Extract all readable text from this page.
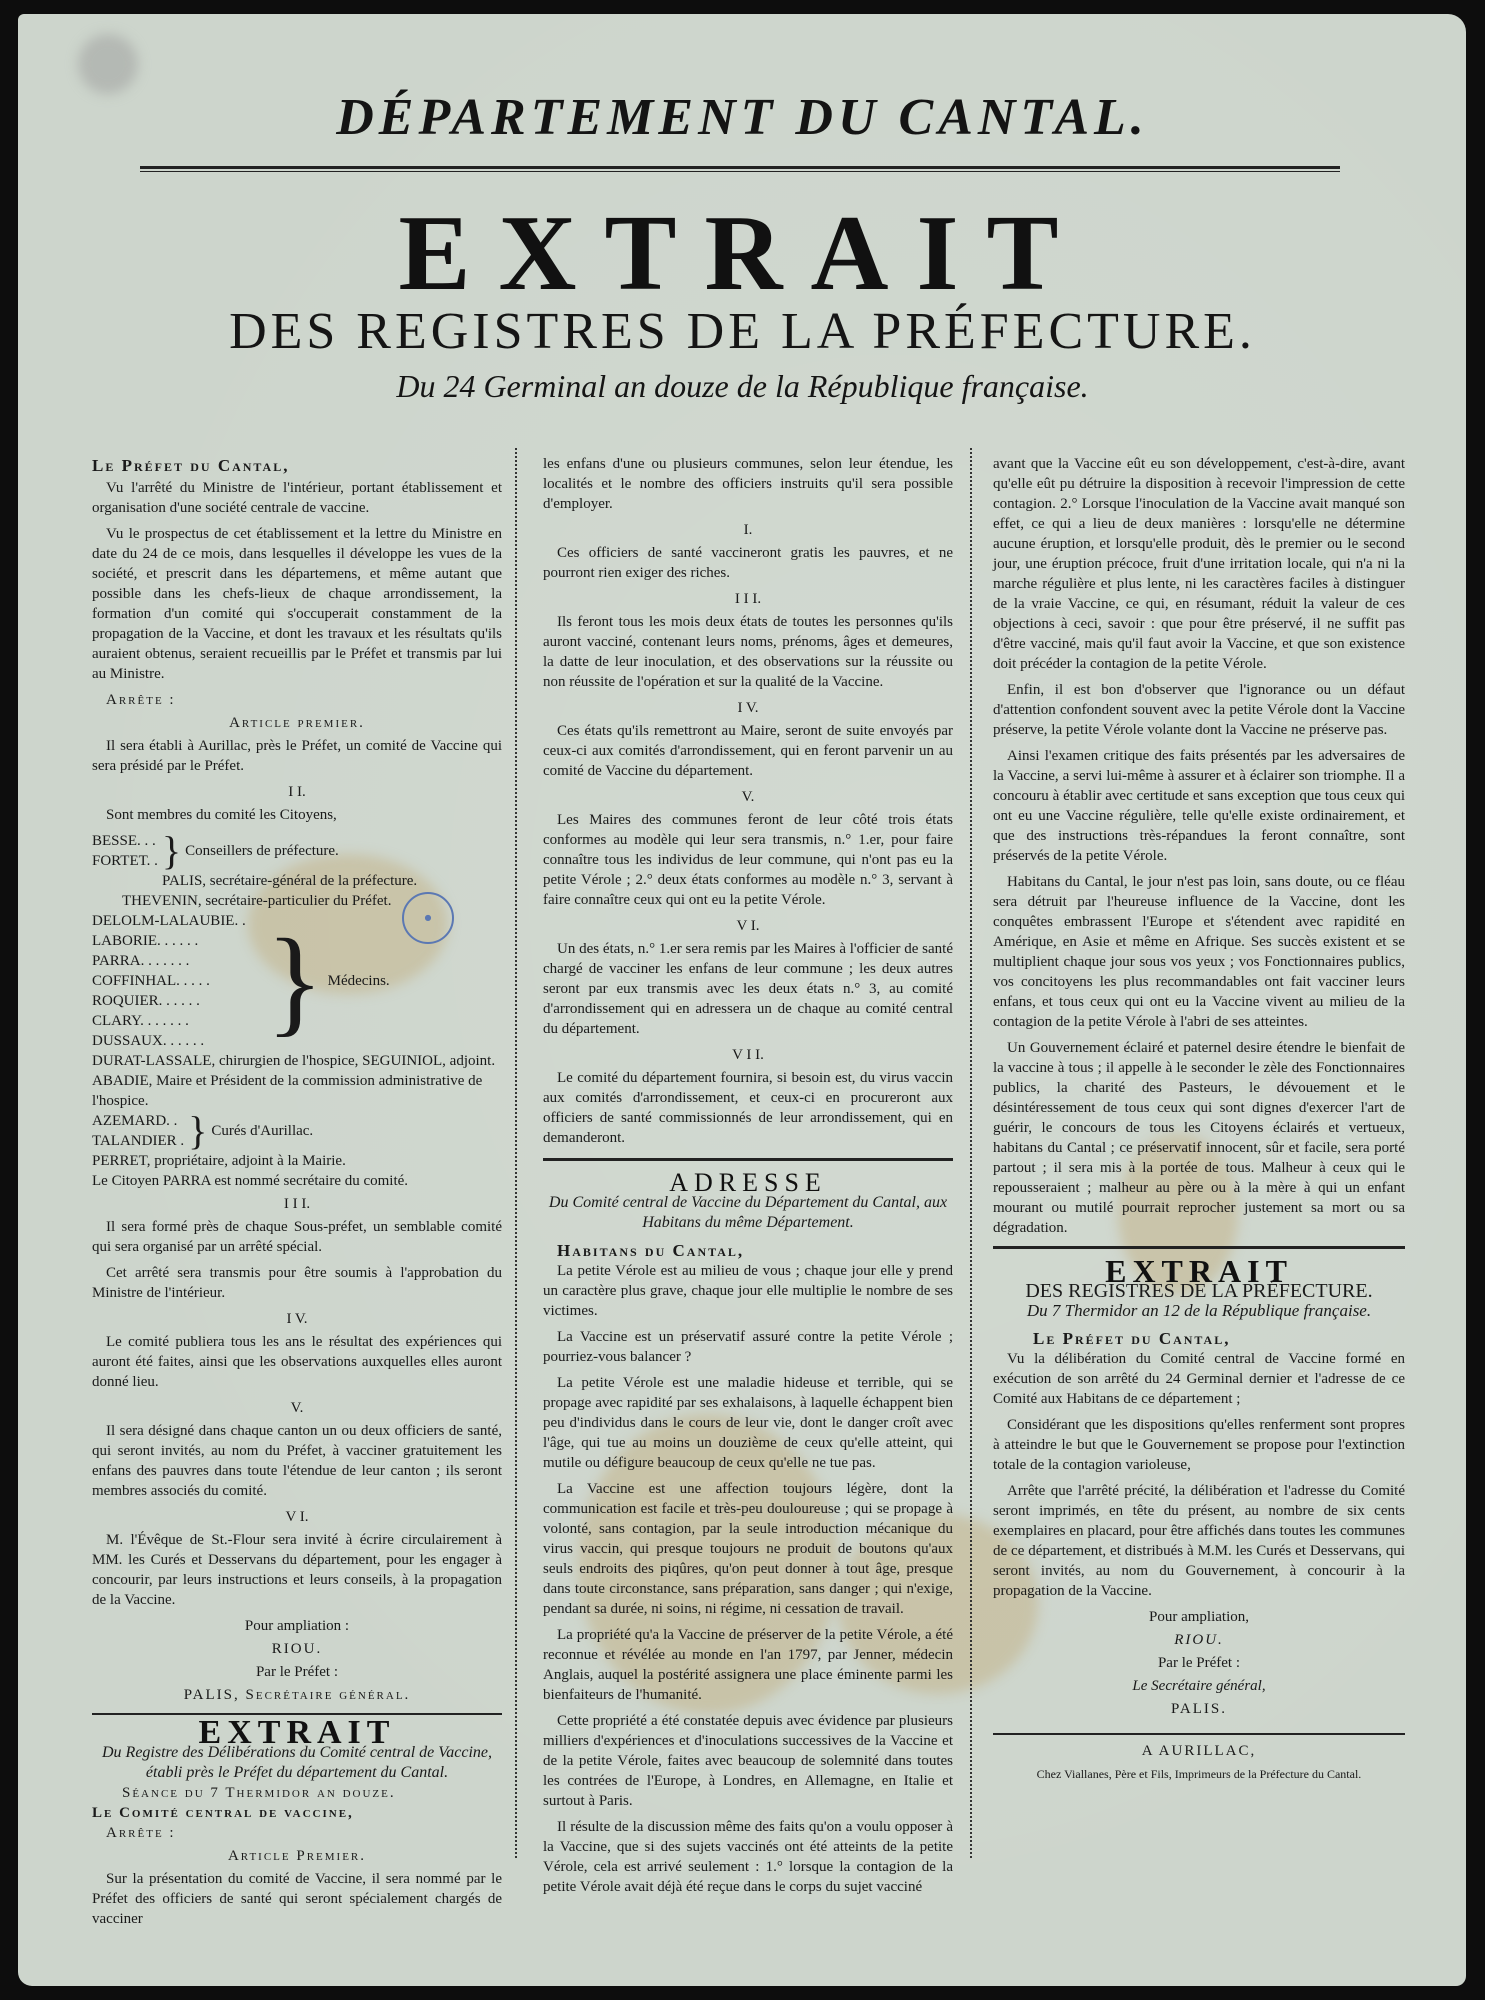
DÉPARTEMENT DU CANTAL.
EXTRAIT
DES REGISTRES DE LA PRÉFECTURE.
Du 24 Germinal an douze de la République française.
Le Préfet du Cantal,

Vu l'arrêté du Ministre de l'intérieur, portant établissement et organisation d'une société centrale de vaccine.

Vu le prospectus de cet établissement et la lettre du Ministre en date du 24 de ce mois, dans lesquelles il développe les vues de la société, et prescrit dans les départemens, et même autant que possible dans les chefs-lieux de chaque arrondissement, la formation d'un comité qui s'occuperait constamment de la propagation de la Vaccine, et dont les travaux et les résultats qu'ils auraient obtenus, seraient recueillis par le Préfet et transmis par lui au Ministre.

Arrête :
Article premier.

Il sera établi à Aurillac, près le Préfet, un comité de Vaccine qui sera présidé par le Préfet.

I I.

Sont membres du comité les Citoyens,

BESSE. . .
FORTET. . } Conseillers de préfecture.
PALIS, secrétaire-général de la préfecture.
THEVENIN, secrétaire-particulier du Préfet.
DELOLM-LALAUBIE. .
LABORIE. . . . . .
PARRA. . . . . . .
COFFINHAL. . . . .
ROQUIER. . . . . .
CLARY. . . . . . .
DUSSAUX. . . . . . } Médecins.
DURAT-LASSALE, chirurgien de l'hospice, SEGUINIOL, adjoint.
ABADIE, Maire et Président de la commission administrative de l'hospice.
AZEMARD. .
TALANDIER . } Curés d'Aurillac.
PERRET, propriétaire, adjoint à la Mairie.
Le Citoyen PARRA est nommé secrétaire du comité.
I I I.

Il sera formé près de chaque Sous-préfet, un semblable comité qui sera organisé par un arrêté spécial.

Cet arrêté sera transmis pour être soumis à l'approbation du Ministre de l'intérieur.

I V.

Le comité publiera tous les ans le résultat des expériences qui auront été faites, ainsi que les observations auxquelles elles auront donné lieu.

V.

Il sera désigné dans chaque canton un ou deux officiers de santé, qui seront invités, au nom du Préfet, à vacciner gratuitement les enfans des pauvres dans toute l'étendue de leur canton ; ils seront membres associés du comité.

V I.

M. l'Évêque de St.-Flour sera invité à écrire circulairement à MM. les Curés et Desservans du département, pour les engager à concourir, par leurs instructions et leurs conseils, à la propagation de la Vaccine.

Pour ampliation :
RIOU.
Par le Préfet :
PALIS, Secrétaire général.
EXTRAIT
Du Registre des Délibérations du Comité central de Vaccine, établi près le Préfet du département du Cantal.
Séance du 7 Thermidor an douze.
Le Comité central de vaccine,
Arrête :
Article Premier.

Sur la présentation du comité de Vaccine, il sera nommé par le Préfet des officiers de santé qui seront spécialement chargés de vacciner

●

les enfans d'une ou plusieurs communes, selon leur étendue, les localités et le nombre des officiers instruits qu'il sera possible d'employer.

I.

Ces officiers de santé vaccineront gratis les pauvres, et ne pourront rien exiger des riches.

I I I.

Ils feront tous les mois deux états de toutes les personnes qu'ils auront vacciné, contenant leurs noms, prénoms, âges et demeures, la datte de leur inoculation, et des observations sur la réussite ou non réussite de l'opération et sur la qualité de la Vaccine.

I V.

Ces états qu'ils remettront au Maire, seront de suite envoyés par ceux-ci aux comités d'arrondissement, qui en feront parvenir un au comité de Vaccine du département.

V.

Les Maires des communes feront de leur côté trois états conformes au modèle qui leur sera transmis, n.° 1.er, pour faire connaître tous les individus de leur commune, qui n'ont pas eu la petite Vérole ; 2.° deux états conformes au modèle n.° 3, servant à faire connaître ceux qui ont eu la petite Vérole.

V I.

Un des états, n.° 1.er sera remis par les Maires à l'officier de santé chargé de vacciner les enfans de leur commune ; les deux autres seront par eux transmis avec les deux états n.° 3, au comité d'arrondissement qui en adressera un de chaque au comité central du département.

V I I.

Le comité du département fournira, si besoin est, du virus vaccin aux comités d'arrondissement, et ceux-ci en procureront aux officiers de santé commissionnés de leur arrondissement, qui en demanderont.

ADRESSE
Du Comité central de Vaccine du Département du Cantal, aux Habitans du même Département.
Habitans du Cantal,

La petite Vérole est au milieu de vous ; chaque jour elle y prend un caractère plus grave, chaque jour elle multiplie le nombre de ses victimes.

La Vaccine est un préservatif assuré contre la petite Vérole ; pourriez-vous balancer ?

La petite Vérole est une maladie hideuse et terrible, qui se propage avec rapidité par ses exhalaisons, à laquelle échappent bien peu d'individus dans le cours de leur vie, dont le danger croît avec l'âge, qui tue au moins un douzième de ceux qu'elle atteint, qui mutile ou défigure beaucoup de ceux qu'elle ne tue pas.

La Vaccine est une affection toujours légère, dont la communication est facile et très-peu douloureuse ; qui se propage à volonté, sans contagion, par la seule introduction mécanique du virus vaccin, qui presque toujours ne produit de boutons qu'aux seuls endroits des piqûres, qu'on peut donner à tout âge, presque dans toute circonstance, sans préparation, sans danger ; qui n'exige, pendant sa durée, ni soins, ni régime, ni cessation de travail.

La propriété qu'a la Vaccine de préserver de la petite Vérole, a été reconnue et révélée au monde en l'an 1797, par Jenner, médecin Anglais, auquel la postérité assignera une place éminente parmi les bienfaiteurs de l'humanité.

Cette propriété a été constatée depuis avec évidence par plusieurs milliers d'expériences et d'inoculations successives de la Vaccine et de la petite Vérole, faites avec beaucoup de solemnité dans toutes les contrées de l'Europe, à Londres, en Allemagne, en Italie et surtout à Paris.

Il résulte de la discussion même des faits qu'on a voulu opposer à la Vaccine, que si des sujets vaccinés ont été atteints de la petite Vérole, cela est arrivé seulement : 1.° lorsque la contagion de la petite Vérole avait déjà été reçue dans le corps du sujet vacciné

avant que la Vaccine eût eu son développement, c'est-à-dire, avant qu'elle eût pu détruire la disposition à recevoir l'impression de cette contagion. 2.° Lorsque l'inoculation de la Vaccine avait manqué son effet, ce qui a lieu de deux manières : lorsqu'elle ne détermine aucune éruption, et lorsqu'elle produit, dès le premier ou le second jour, une éruption précoce, fruit d'une irritation locale, qui n'a ni la marche régulière et plus lente, ni les caractères faciles à distinguer de la vraie Vaccine, ce qui, en résumant, réduit la valeur de ces objections à ceci, savoir : que pour être préservé, il ne suffit pas d'être vacciné, mais qu'il faut avoir la Vaccine, et que son existence doit précéder la contagion de la petite Vérole.

Enfin, il est bon d'observer que l'ignorance ou un défaut d'attention confondent souvent avec la petite Vérole dont la Vaccine préserve, la petite Vérole volante dont la Vaccine ne préserve pas.

Ainsi l'examen critique des faits présentés par les adversaires de la Vaccine, a servi lui-même à assurer et à éclairer son triomphe. Il a concouru à établir avec certitude et sans exception que tous ceux qui ont eu une Vaccine régulière, telle qu'elle existe ordinairement, et que des instructions très-répandues la feront connaître, sont préservés de la petite Vérole.

Habitans du Cantal, le jour n'est pas loin, sans doute, ou ce fléau sera détruit par l'heureuse influence de la Vaccine, dont les conquêtes embrassent l'Europe et s'étendent avec rapidité en Amérique, en Asie et même en Afrique. Ses succès existent et se multiplient chaque jour sous vos yeux ; vos Fonctionnaires publics, vos concitoyens les plus recommandables ont fait vacciner leurs enfans, et tous ceux qui ont eu la Vaccine vivent au milieu de la contagion de la petite Vérole à l'abri de ses atteintes.

Un Gouvernement éclairé et paternel desire étendre le bienfait de la vaccine à tous ; il appelle à le seconder le zèle des Fonctionnaires publics, la charité des Pasteurs, le dévouement et le désintéressement de tous ceux qui sont dignes d'exercer l'art de guérir, le concours de tous les Citoyens éclairés et vertueux, habitans du Cantal ; ce préservatif innocent, sûr et facile, sera porté partout ; il sera mis à la portée de tous. Malheur à ceux qui le repousseraient ; malheur au père ou à la mère à qui un enfant mourant ou mutilé pourrait reprocher justement sa mort ou sa dégradation.

EXTRAIT
DES REGISTRES DE LA PRÉFECTURE.
Du 7 Thermidor an 12 de la République française.
Le Préfet du Cantal,

Vu la délibération du Comité central de Vaccine formé en exécution de son arrêté du 24 Germinal dernier et l'adresse de ce Comité aux Habitans de ce département ;

Considérant que les dispositions qu'elles renferment sont propres à atteindre le but que le Gouvernement se propose pour l'extinction totale de la contagion varioleuse,

Arrête que l'arrêté précité, la délibération et l'adresse du Comité seront imprimés, en tête du présent, au nombre de six cents exemplaires en placard, pour être affichés dans toutes les communes de ce département, et distribués à M.M. les Curés et Desservans, qui seront invités, au nom du Gouvernement, à concourir à la propagation de la Vaccine.

Pour ampliation,
RIOU.
Par le Préfet :
Le Secrétaire général,
PALIS.
A AURILLAC,
Chez Viallanes, Père et Fils, Imprimeurs de la Préfecture du Cantal.
